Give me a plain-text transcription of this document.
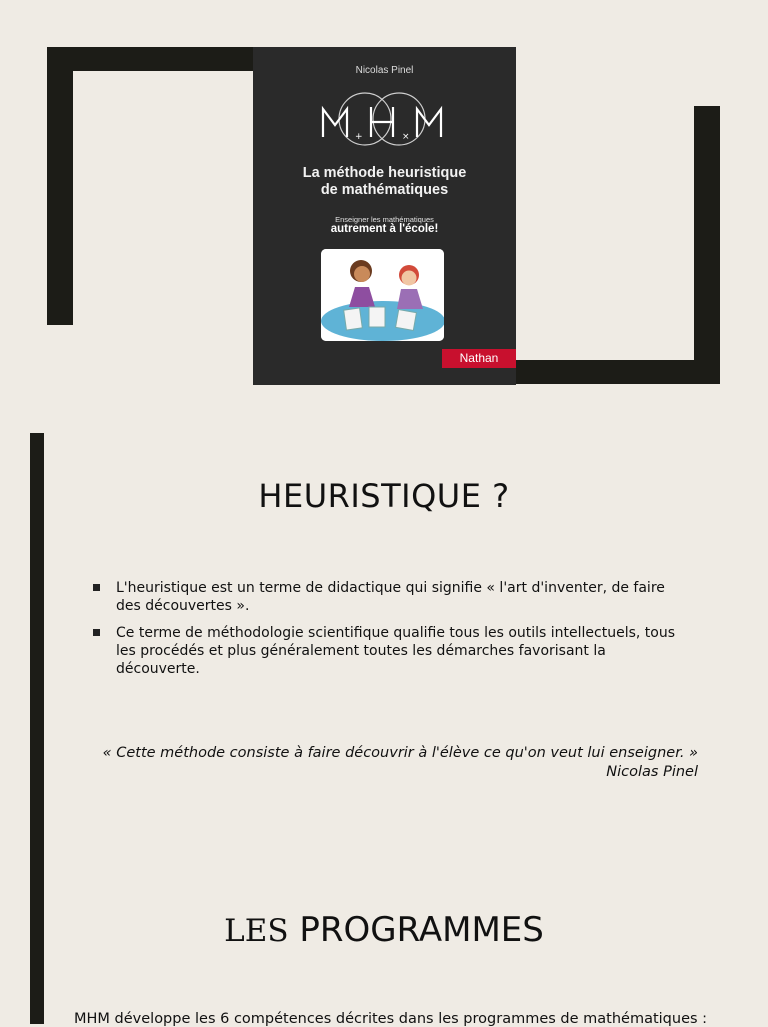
Nicolas Pinel
+	×
La méthode heuristique
de mathématiques
Enseigner les mathématiques
autrement à l'école!
Nathan
HEURISTIQUE ?
L'heuristique est un terme de didactique qui signifie « l'art d'inventer, de faire des découvertes ».
Ce terme de méthodologie scientifique qualifie tous les outils intellectuels, tous les procédés et plus généralement toutes les démarches favorisant la découverte.
« Cette méthode consiste à faire découvrir à l'élève ce qu'on veut lui enseigner. »
Nicolas Pinel
LES PROGRAMMES
MHM développe les 6 compétences décrites dans les programmes de mathématiques :
